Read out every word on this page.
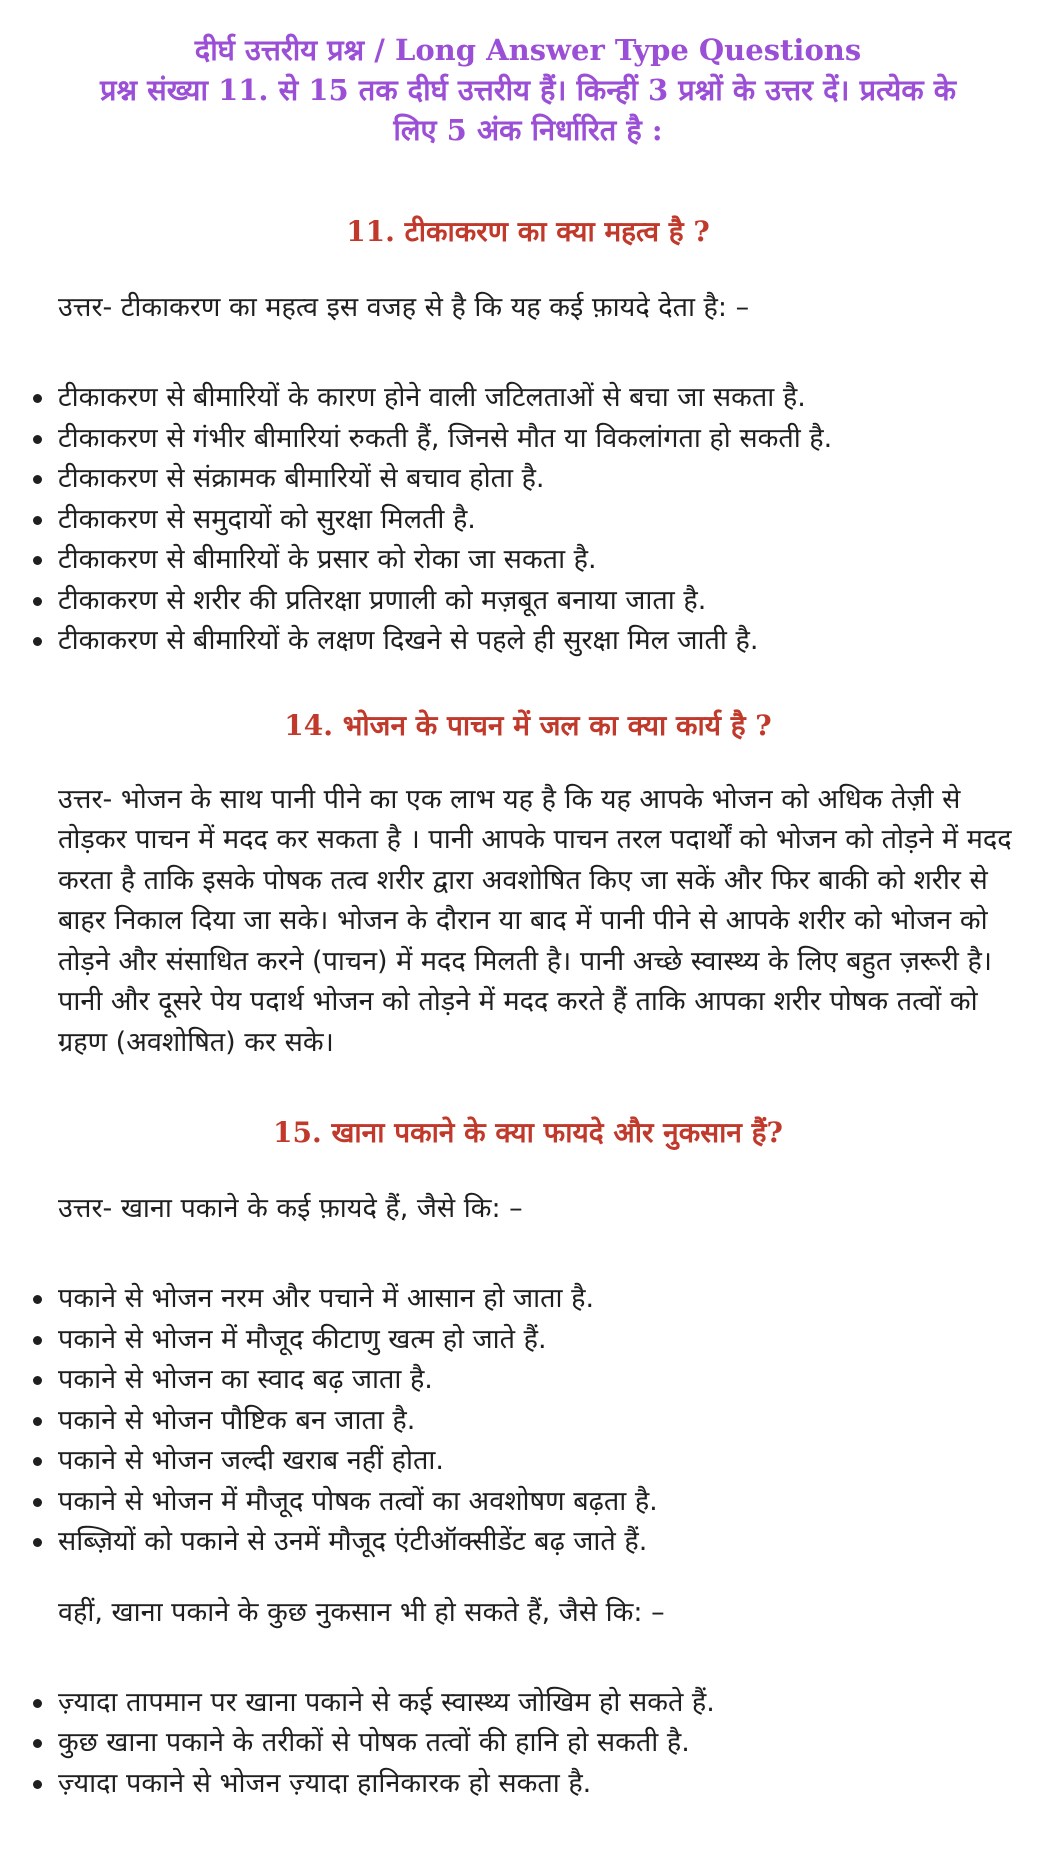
दीर्घ उत्तरीय प्रश्न / Long Answer Type Questions
प्रश्न संख्या 11. से 15 तक दीर्घ उत्तरीय हैं। किन्हीं 3 प्रश्नों के उत्तर दें। प्रत्येक के
लिए 5 अंक निर्धारित है :
11. टीकाकरण का क्या महत्व है ?
उत्तर- टीकाकरण का महत्व इस वजह से है कि यह कई फ़ायदे देता है: –
टीकाकरण से बीमारियों के कारण होने वाली जटिलताओं से बचा जा सकता है.
टीकाकरण से गंभीर बीमारियां रुकती हैं, जिनसे मौत या विकलांगता हो सकती है.
टीकाकरण से संक्रामक बीमारियों से बचाव होता है.
टीकाकरण से समुदायों को सुरक्षा मिलती है.
टीकाकरण से बीमारियों के प्रसार को रोका जा सकता है.
टीकाकरण से शरीर की प्रतिरक्षा प्रणाली को मज़बूत बनाया जाता है.
टीकाकरण से बीमारियों के लक्षण दिखने से पहले ही सुरक्षा मिल जाती है.
14. भोजन के पाचन में जल का क्या कार्य है ?
उत्तर- भोजन के साथ पानी पीने का एक लाभ यह है कि यह आपके भोजन को अधिक तेज़ी से तोड़कर पाचन में मदद कर सकता है । पानी आपके पाचन तरल पदार्थों को भोजन को तोड़ने में मदद करता है ताकि इसके पोषक तत्व शरीर द्वारा अवशोषित किए जा सकें और फिर बाकी को शरीर से बाहर निकाल दिया जा सके। भोजन के दौरान या बाद में पानी पीने से आपके शरीर को भोजन को तोड़ने और संसाधित करने (पाचन) में मदद मिलती है। पानी अच्छे स्वास्थ्य के लिए बहुत ज़रूरी है। पानी और दूसरे पेय पदार्थ भोजन को तोड़ने में मदद करते हैं ताकि आपका शरीर पोषक तत्वों को ग्रहण (अवशोषित) कर सके।
15. खाना पकाने के क्या फायदे और नुकसान हैं?
उत्तर- खाना पकाने के कई फ़ायदे हैं, जैसे कि: –
पकाने से भोजन नरम और पचाने में आसान हो जाता है.
पकाने से भोजन में मौजूद कीटाणु खत्म हो जाते हैं.
पकाने से भोजन का स्वाद बढ़ जाता है.
पकाने से भोजन पौष्टिक बन जाता है.
पकाने से भोजन जल्दी खराब नहीं होता.
पकाने से भोजन में मौजूद पोषक तत्वों का अवशोषण बढ़ता है.
सब्ज़ियों को पकाने से उनमें मौजूद एंटीऑक्सीडेंट बढ़ जाते हैं.
वहीं, खाना पकाने के कुछ नुकसान भी हो सकते हैं, जैसे कि: –
ज़्यादा तापमान पर खाना पकाने से कई स्वास्थ्य जोखिम हो सकते हैं.
कुछ खाना पकाने के तरीकों से पोषक तत्वों की हानि हो सकती है.
ज़्यादा पकाने से भोजन ज़्यादा हानिकारक हो सकता है.
